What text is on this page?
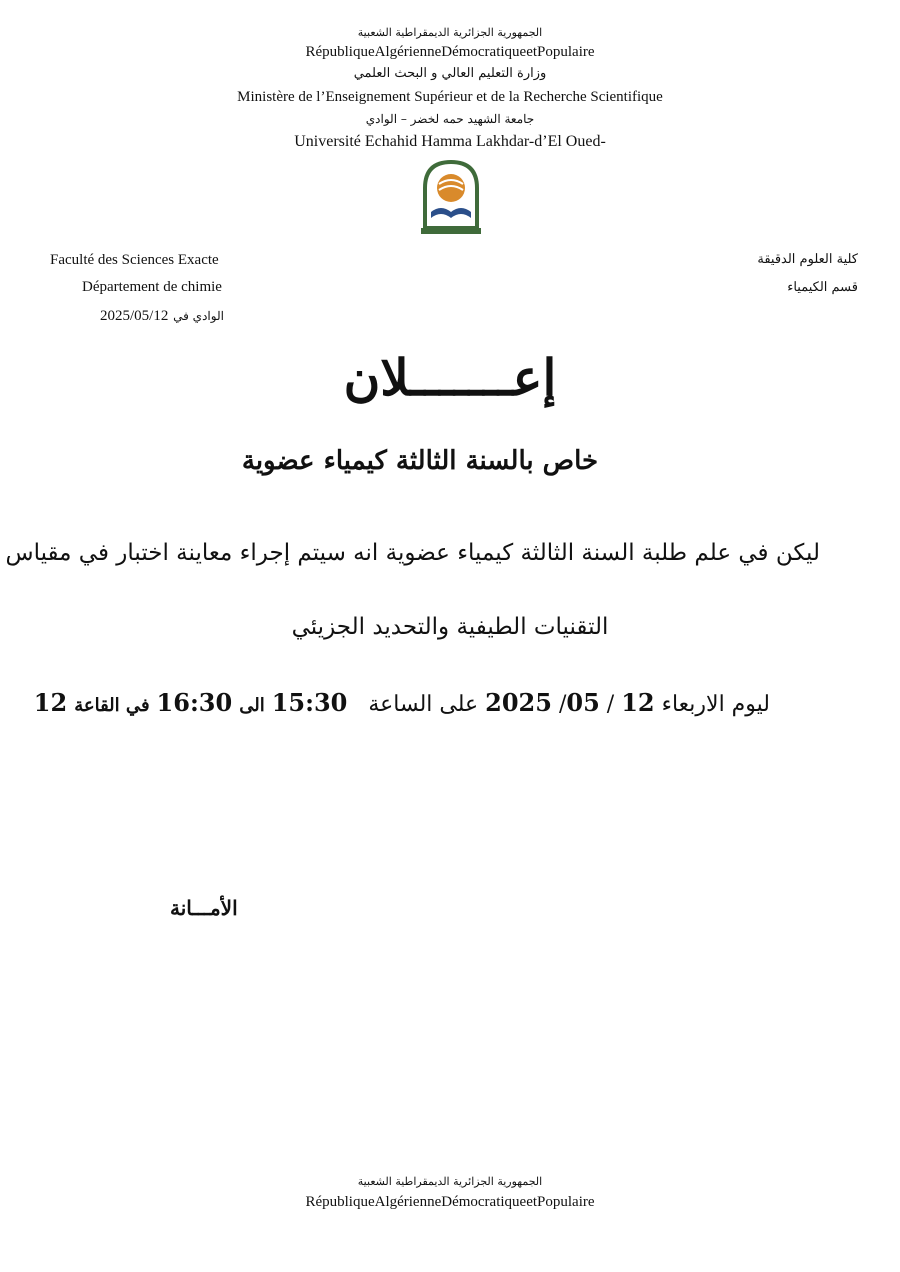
الجمهورية الجزائرية الديمقراطية الشعبية
RépubliqueAlgérienneDémocratiqueetPopulaire
وزارة التعليم العالي و البحث العلمي
Ministère de l’Enseignement Supérieur et de la Recherche Scientifique
جامعة الشهيد حمه لخضر – الوادي
Université Echahid Hamma Lakhdar-d’El Oued-
Faculté des Sciences Exacte
Département de chimie
الوادي في 2025/05/12
كلية العلوم الدقيقة
قسم الكيمياء
إعـــــــلان
خاص بالسنة الثالثة كيمياء عضوية
ليكن في علم طلبة السنة الثالثة كيمياء عضوية انه سيتم إجراء معاينة اختبار في مقياس
التقنيات الطيفية والتحديد الجزيئي
ليوم الاربعاء 12 / 05/ 2025 على الساعة   15:30 الى 16:30 في القاعة 12
الأمـــانة
الجمهورية الجزائرية الديمقراطية الشعبية
RépubliqueAlgérienneDémocratiqueetPopulaire
